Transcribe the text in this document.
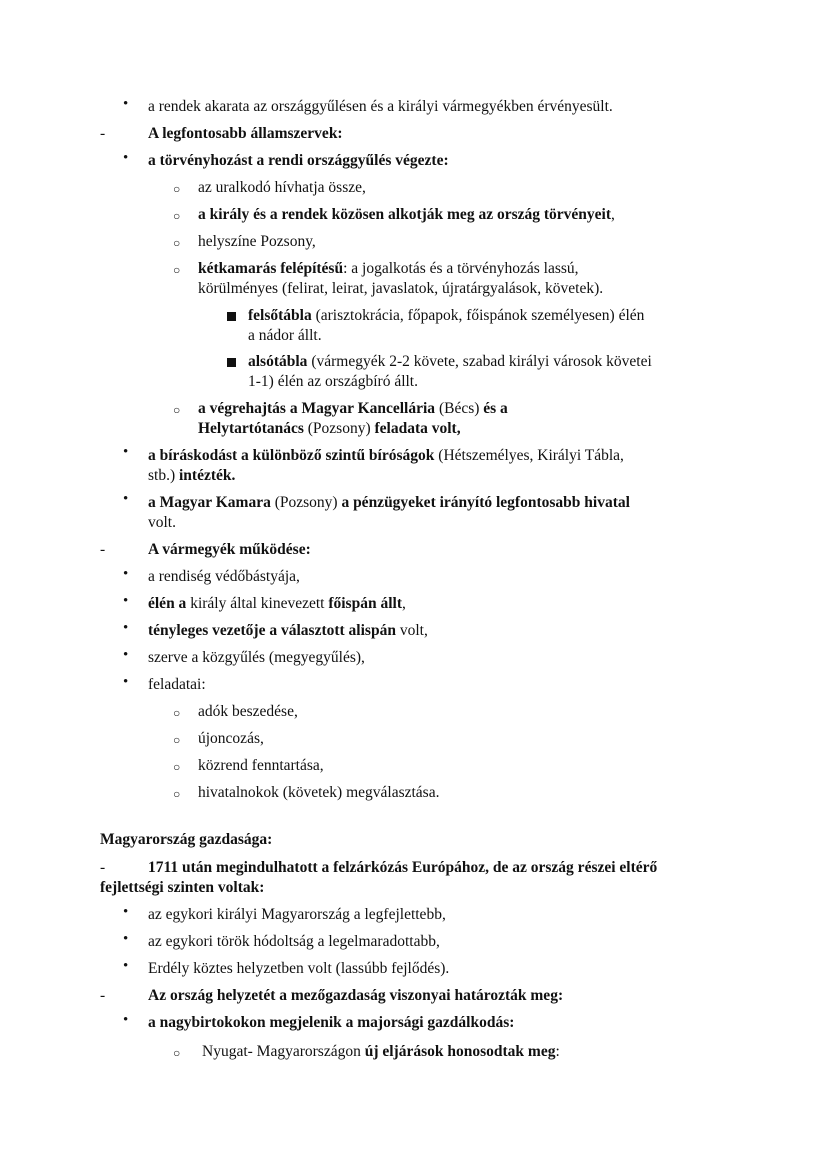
• a rendek akarata az országgyűlésen és a királyi vármegyékben érvényesült.
-	A legfontosabb államszervek:
• a törvényhozást a rendi országgyűlés végezte:
○ az uralkodó hívhatja össze,
○ a király és a rendek közösen alkotják meg az ország törvényeit,
○ helyszíne Pozsony,
○ kétkamarás felépítésű: a jogalkotás és a törvényhozás lassú,
körülményes (felirat, leirat, javaslatok, újratárgyalások, követek).
felsőtábla (arisztokrácia, főpapok, főispánok személyesen) élén
a nádor állt.
alsótábla (vármegyék 2-2 követe, szabad királyi városok követei
1-1) élén az országbíró állt.
○ a végrehajtás a Magyar Kancellária (Bécs) és a
Helytartótanács (Pozsony) feladata volt,
• a bíráskodást a különböző szintű bíróságok (Hétszemélyes, Királyi Tábla,
stb.) intézték.
• a Magyar Kamara (Pozsony) a pénzügyeket irányító legfontosabb hivatal
volt.
-	A vármegyék működése:
• a rendiség védőbástyája,
• élén a király által kinevezett főispán állt,
• tényleges vezetője a választott alispán volt,
• szerve a közgyűlés (megyegyűlés),
• feladatai:
○ adók beszedése,
○ újoncozás,
○ közrend fenntartása,
○ hivatalnokok (követek) megválasztása.
Magyarország gazdasága:
-	1711 után megindulhatott a felzárkózás Európához, de az ország részei eltérő
fejlettségi szinten voltak:
• az egykori királyi Magyarország a legfejlettebb,
• az egykori török hódoltság a legelmaradottabb,
• Erdély köztes helyzetben volt (lassúbb fejlődés).
-	Az ország helyzetét a mezőgazdaság viszonyai határozták meg:
• a nagybirtokokon megjelenik a majorsági gazdálkodás:
○ Nyugat- Magyarországon új eljárások honosodtak meg:
